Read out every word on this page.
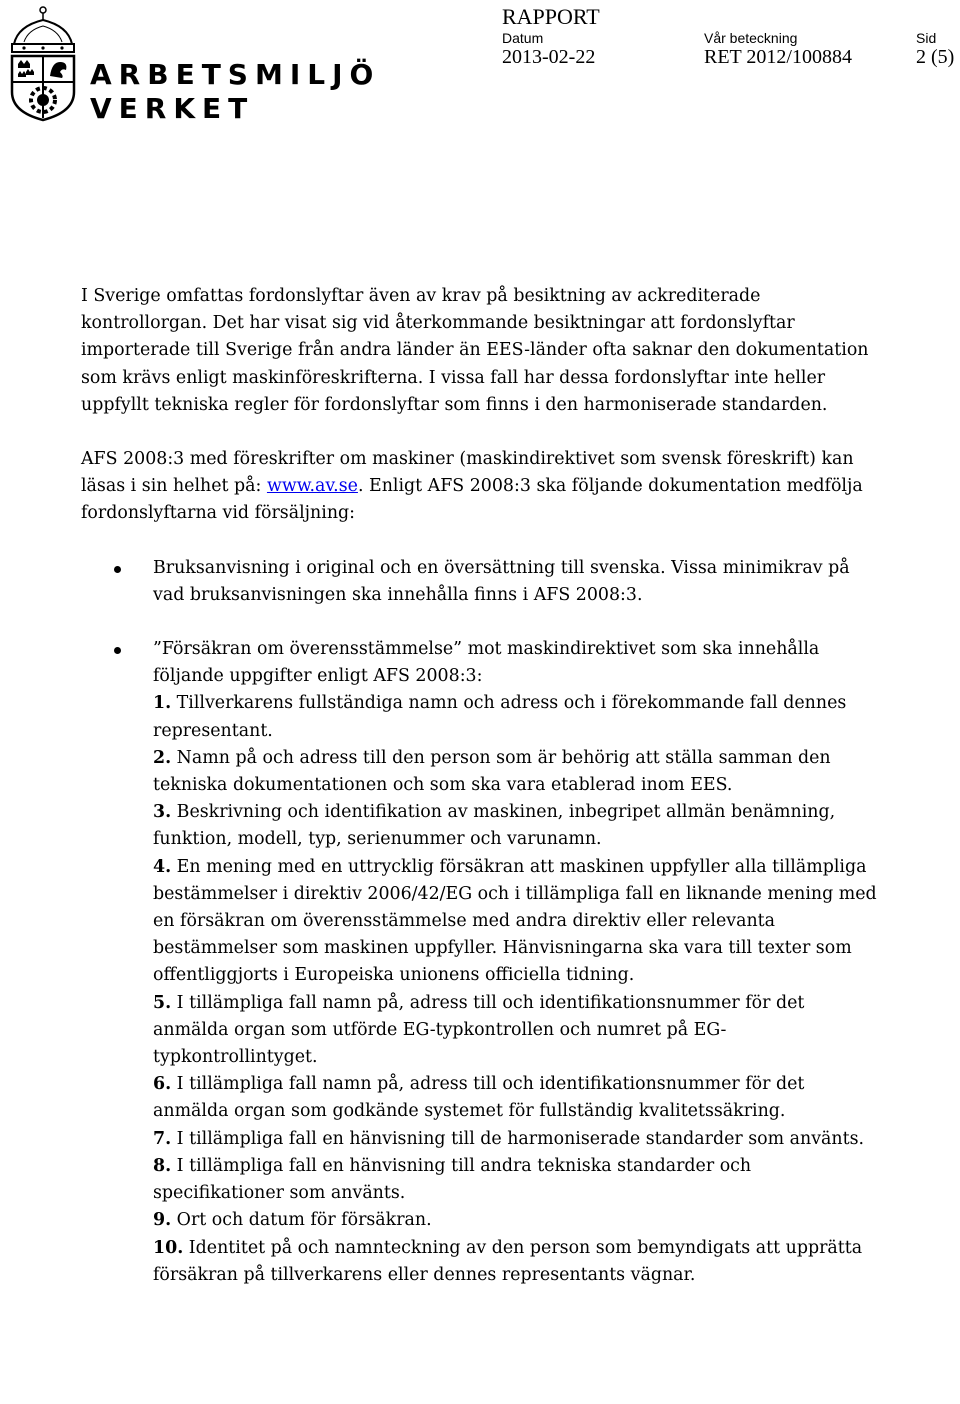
ARBETSMILJÖ
VERKET
RAPPORT
Datum
2013-02-22
Vår beteckning
RET 2012/100884
Sid
2 (5)

I Sverige omfattas fordonslyftar även av krav på besiktning av ackrediterade kontrollorgan. Det har visat sig vid återkommande besiktningar att fordonslyftar importerade till Sverige från andra länder än EES-länder ofta saknar den dokumentation som krävs enligt maskinföreskrifterna. I vissa fall har dessa fordonslyftar inte heller uppfyllt tekniska regler för fordonslyftar som finns i den harmoniserade standarden.

AFS 2008:3 med föreskrifter om maskiner (maskindirektivet som svensk föreskrift) kan läsas i sin helhet på: www.av.se. Enligt AFS 2008:3 ska följande dokumentation medfölja fordonslyftarna vid försäljning:

Bruksanvisning i original och en översättning till svenska. Vissa minimikrav på vad bruksanvisningen ska innehålla finns i AFS 2008:3.
”Försäkran om överensstämmelse” mot maskindirektivet som ska innehålla följande uppgifter enligt AFS 2008:3:
1. Tillverkarens fullständiga namn och adress och i förekommande fall dennes representant.
2. Namn på och adress till den person som är behörig att ställa samman den tekniska dokumentationen och som ska vara etablerad inom EES.
3. Beskrivning och identifikation av maskinen, inbegripet allmän benämning, funktion, modell, typ, serienummer och varunamn.
4. En mening med en uttrycklig försäkran att maskinen uppfyller alla tillämpliga bestämmelser i direktiv 2006/42/EG och i tillämpliga fall en liknande mening med en försäkran om överensstämmelse med andra direktiv eller relevanta bestämmelser som maskinen uppfyller. Hänvisningarna ska vara till texter som offentliggjorts i Europeiska unionens officiella tidning.
5. I tillämpliga fall namn på, adress till och identifikationsnummer för det anmälda organ som utförde EG-typkontrollen och numret på EG-typkontrollintyget.
6. I tillämpliga fall namn på, adress till och identifikationsnummer för det anmälda organ som godkände systemet för fullständig kvalitetssäkring.
7. I tillämpliga fall en hänvisning till de harmoniserade standarder som använts.
8. I tillämpliga fall en hänvisning till andra tekniska standarder och specifikationer som använts.
9. Ort och datum för försäkran.
10. Identitet på och namnteckning av den person som bemyndigats att upprätta försäkran på tillverkarens eller dennes representants vägnar.
